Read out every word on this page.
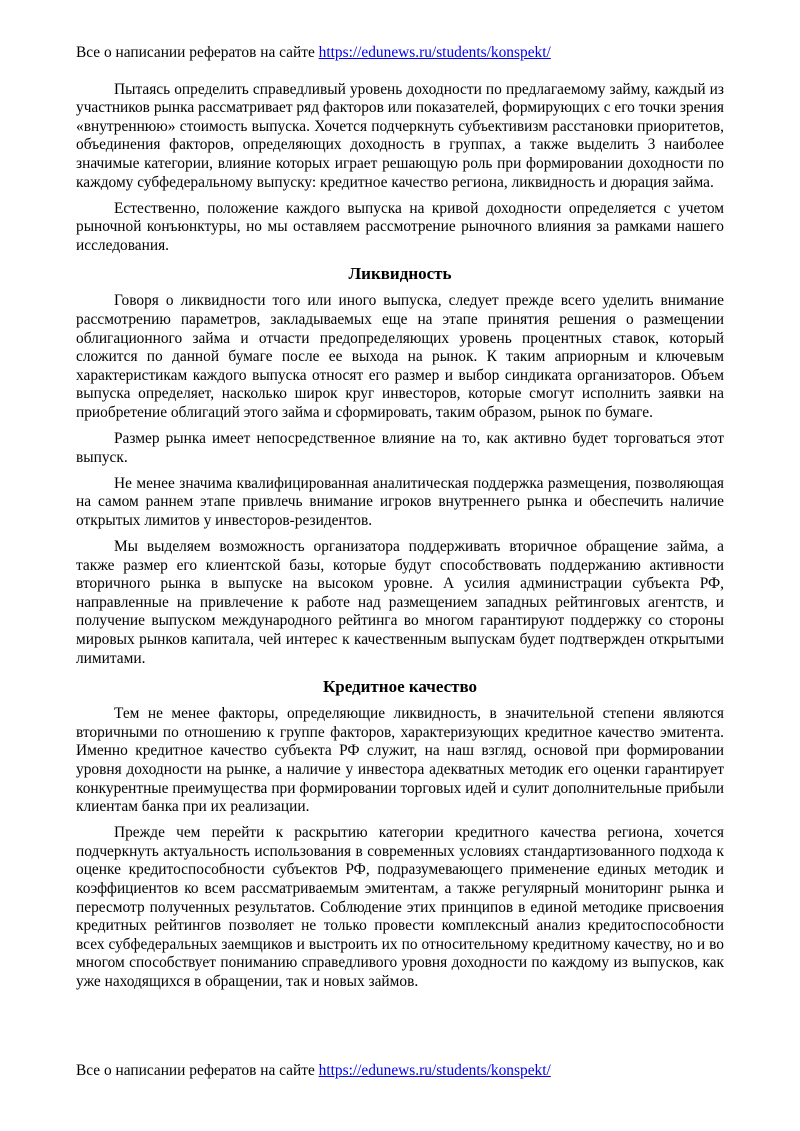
Все о написании рефератов на сайте https://edunews.ru/students/konspekt/

Пытаясь определить справедливый уровень доходности по предлагаемому займу, каждый из участников рынка рассматривает ряд факторов или показателей, формирующих с его точки зрения «внутреннюю» стоимость выпуска. Хочется подчеркнуть субъективизм расстановки приоритетов, объединения факторов, определяющих доходность в группах, а также выделить 3 наиболее значимые категории, влияние которых играет решающую роль при формировании доходности по каждому субфедеральному выпуску: кредитное качество региона, ликвидность и дюрация займа.

Естественно, положение каждого выпуска на кривой доходности определяется с учетом рыночной конъюнктуры, но мы оставляем рассмотрение рыночного влияния за рамками нашего исследования.

Ликвидность

Говоря о ликвидности того или иного выпуска, следует прежде всего уделить внимание рассмотрению параметров, закладываемых еще на этапе принятия решения о размещении облигационного займа и отчасти предопределяющих уровень процентных ставок, который сложится по данной бумаге после ее выхода на рынок. К таким априорным и ключевым характеристикам каждого выпуска относят его размер и выбор синдиката организаторов. Объем выпуска определяет, насколько широк круг инвесторов, которые смогут исполнить заявки на приобретение облигаций этого займа и сформировать, таким образом, рынок по бумаге.

Размер рынка имеет непосредственное влияние на то, как активно будет торговаться этот выпуск.

Не менее значима квалифицированная аналитическая поддержка размещения, позволяющая на самом раннем этапе привлечь внимание игроков внутреннего рынка и обеспечить наличие открытых лимитов у инвесторов-резидентов.

Мы выделяем возможность организатора поддерживать вторичное обращение займа, а также размер его клиентской базы, которые будут способствовать поддержанию активности вторичного рынка в выпуске на высоком уровне. А усилия администрации субъекта РФ, направленные на привлечение к работе над размещением западных рейтинговых агентств, и получение выпуском международного рейтинга во многом гарантируют поддержку со стороны мировых рынков капитала, чей интерес к качественным выпускам будет подтвержден открытыми лимитами.

Кредитное качество

Тем не менее факторы, определяющие ликвидность, в значительной степени являются вторичными по отношению к группе факторов, характеризующих кредитное качество эмитента. Именно кредитное качество субъекта РФ служит, на наш взгляд, основой при формировании уровня доходности на рынке, а наличие у инвестора адекватных методик его оценки гарантирует конкурентные преимущества при формировании торговых идей и сулит дополнительные прибыли клиентам банка при их реализации.

Прежде чем перейти к раскрытию категории кредитного качества региона, хочется подчеркнуть актуальность использования в современных условиях стандартизованного подхода к оценке кредитоспособности субъектов РФ, подразумевающего применение единых методик и коэффициентов ко всем рассматриваемым эмитентам, а также регулярный мониторинг рынка и пересмотр полученных результатов. Соблюдение этих принципов в единой методике присвоения кредитных рейтингов позволяет не только провести комплексный анализ кредитоспособности всех субфедеральных заемщиков и выстроить их по относительному кредитному качеству, но и во многом способствует пониманию справедливого уровня доходности по каждому из выпусков, как уже находящихся в обращении, так и новых займов.

Все о написании рефератов на сайте https://edunews.ru/students/konspekt/
